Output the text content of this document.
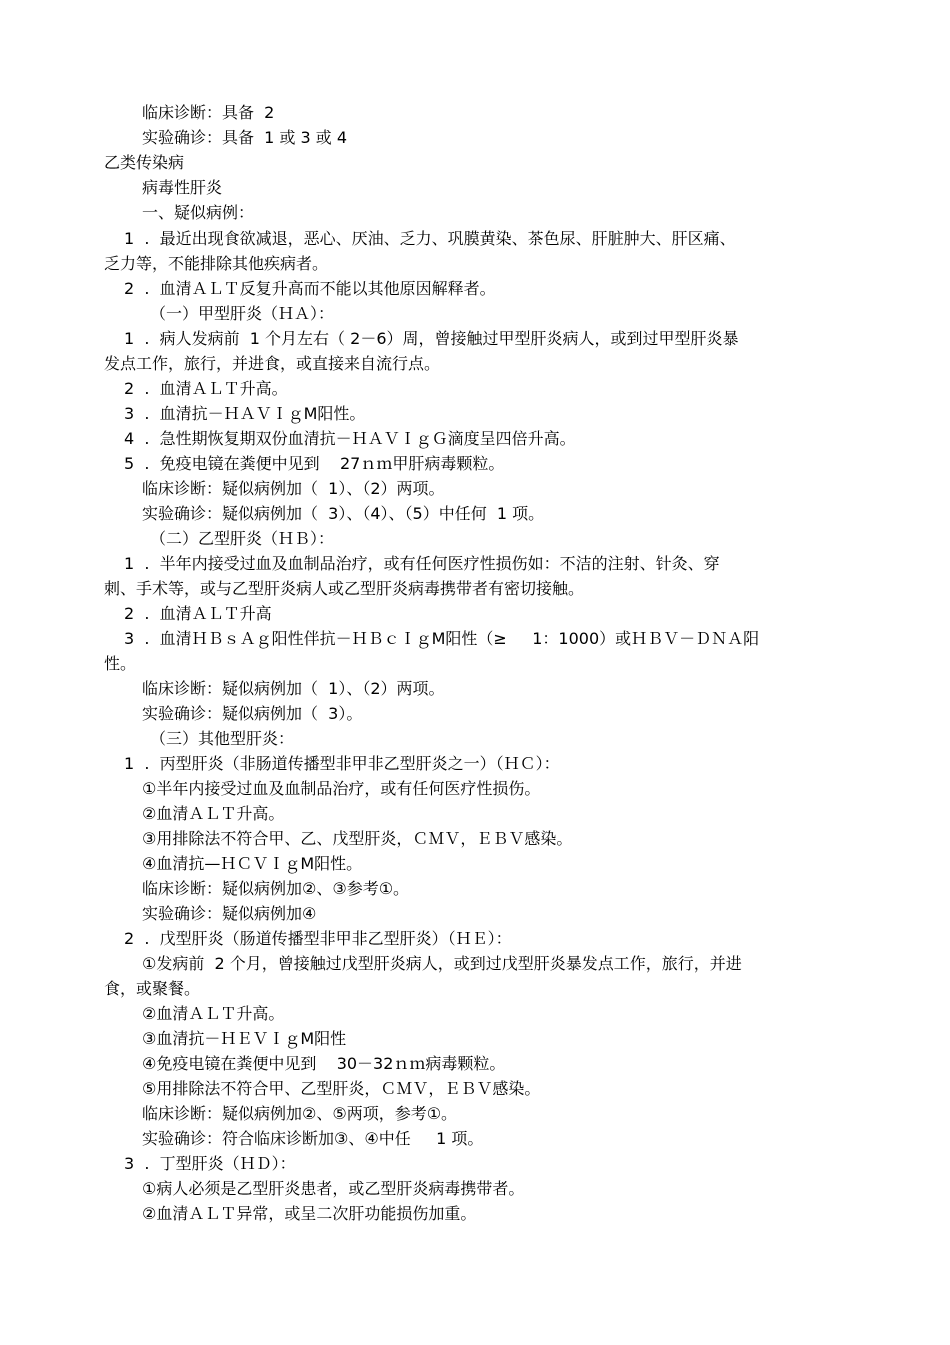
临床诊断：具备  2
实验确诊：具备  1 或 3 或 4
乙类传染病
病毒性肝炎
一、疑似病例：
1  .  最近出现食欲减退，恶心、厌油、乏力、巩膜黄染、茶色尿、肝脏肿大、肝区痛、
乏力等，不能排除其他疾病者。
2  .  血清ＡＬＴ反复升高而不能以其他原因解释者。
（一）甲型肝炎（ＨＡ）：
1  .  病人发病前  1 个月左右（ 2－6）周，曾接触过甲型肝炎病人，或到过甲型肝炎暴
发点工作，旅行，并进食，或直接来自流行点。
2  .  血清ＡＬＴ升高。
3  .  血清抗－ＨＡＶＩｇM阳性。
4  .  急性期恢复期双份血清抗－ＨＡＶＩｇＧ滴度呈四倍升高。
5  .  免疫电镜在粪便中见到    27ｎｍ甲肝病毒颗粒。
临床诊断：疑似病例加（  1）、（2）两项。
实验确诊：疑似病例加（  3）、（4）、（5）中任何  1 项。
（二）乙型肝炎（ＨＢ）：
1  .  半年内接受过血及血制品治疗，或有任何医疗性损伤如：不洁的注射、针灸、穿
刺、手术等，或与乙型肝炎病人或乙型肝炎病毒携带者有密切接触。
2  .  血清ＡＬＴ升高
3  .  血清ＨＢｓＡｇ阳性伴抗－ＨＢｃＩｇM阳性（≥     1：1000）或ＨＢＶ－ＤＮＡ阳
性。
临床诊断：疑似病例加（  1）、（2）两项。
实验确诊：疑似病例加（  3）。
（三）其他型肝炎：
1  .  丙型肝炎（非肠道传播型非甲非乙型肝炎之一）（ＨＣ）：
①半年内接受过血及血制品治疗，或有任何医疗性损伤。
②血清ＡＬＴ升高。
③用排除法不符合甲、乙、戊型肝炎，ＣＭＶ，ＥＢＶ感染。
④血清抗—ＨＣＶＩｇM阳性。
临床诊断：疑似病例加②、③参考①。
实验确诊：疑似病例加④
2  .  戊型肝炎（肠道传播型非甲非乙型肝炎）（ＨＥ）：
①发病前  2 个月，曾接触过戊型肝炎病人，或到过戊型肝炎暴发点工作，旅行，并进
食，或聚餐。
②血清ＡＬＴ升高。
③血清抗－ＨＥＶＩｇM阳性
④免疫电镜在粪便中见到    30－32ｎｍ病毒颗粒。
⑤用排除法不符合甲、乙型肝炎，ＣＭＶ，ＥＢＶ感染。
临床诊断：疑似病例加②、⑤两项，参考①。
实验确诊：符合临床诊断加③、④中任     1 项。
3  .  丁型肝炎（ＨＤ）：
①病人必须是乙型肝炎患者，或乙型肝炎病毒携带者。
②血清ＡＬＴ异常，或呈二次肝功能损伤加重。
